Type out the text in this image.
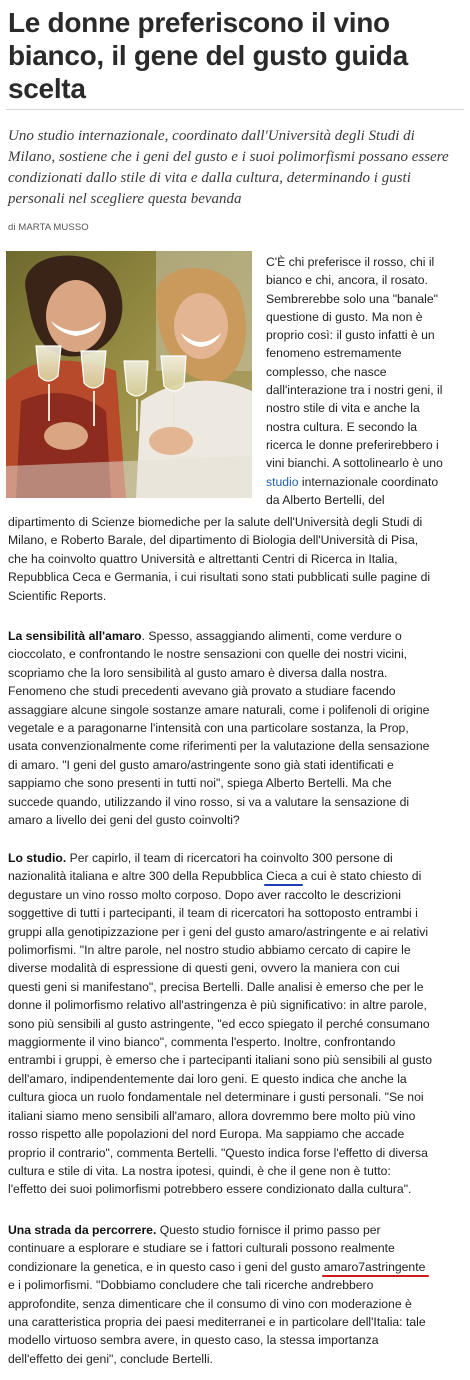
Le donne preferiscono il vino bianco, il gene del gusto guida scelta

Uno studio internazionale, coordinato dall'Università degli Studi di Milano, sostiene che i geni del gusto e i suoi polimorfismi possano essere condizionati dallo stile di vita e dalla cultura, determinando i gusti personali nel scegliere questa bevanda

di MARTA MUSSO

C'È chi preferisce il rosso, chi il
bianco e chi, ancora, il rosato.
Sembrerebbe solo una "banale"
questione di gusto. Ma non è
proprio così: il gusto infatti è un
fenomeno estremamente
complesso, che nasce
dall'interazione tra i nostri geni, il
nostro stile di vita e anche la
nostra cultura. E secondo la
ricerca le donne preferirebbero i
vini bianchi. A sottolinearlo è uno
studio internazionale coordinato
da Alberto Bertelli, del

dipartimento di Scienze biomediche per la salute dell'Università degli Studi di
Milano, e Roberto Barale, del dipartimento di Biologia dell'Università di Pisa,
che ha coinvolto quattro Università e altrettanti Centri di Ricerca in Italia,
Repubblica Ceca e Germania, i cui risultati sono stati pubblicati sulle pagine di
Scientific Reports.

La sensibilità all'amaro. Spesso, assaggiando alimenti, come verdure o
cioccolato, e confrontando le nostre sensazioni con quelle dei nostri vicini,
scopriamo che la loro sensibilità al gusto amaro è diversa dalla nostra.
Fenomeno che studi precedenti avevano già provato a studiare facendo
assaggiare alcune singole sostanze amare naturali, come i polifenoli di origine
vegetale e a paragonarne l'intensità con una particolare sostanza, la Prop,
usata convenzionalmente come riferimenti per la valutazione della sensazione
di amaro. "I geni del gusto amaro/astringente sono già stati identificati e
sappiamo che sono presenti in tutti noi", spiega Alberto Bertelli. Ma che
succede quando, utilizzando il vino rosso, si va a valutare la sensazione di
amaro a livello dei geni del gusto coinvolti?

Lo studio. Per capirlo, il team di ricercatori ha coinvolto 300 persone di
nazionalità italiana e altre 300 della Repubblica Cieca a cui è stato chiesto di
degustare un vino rosso molto corposo. Dopo aver raccolto le descrizioni
soggettive di tutti i partecipanti, il team di ricercatori ha sottoposto entrambi i
gruppi alla genotipizzazione per i geni del gusto amaro/astringente e ai relativi
polimorfismi. "In altre parole, nel nostro studio abbiamo cercato di capire le
diverse modalità di espressione di questi geni, ovvero la maniera con cui
questi geni si manifestano", precisa Bertelli. Dalle analisi è emerso che per le
donne il polimorfismo relativo all'astringenza è più significativo: in altre parole,
sono più sensibili al gusto astringente, "ed ecco spiegato il perché consumano
maggiormente il vino bianco", commenta l'esperto. Inoltre, confrontando
entrambi i gruppi, è emerso che i partecipanti italiani sono più sensibili al gusto
dell'amaro, indipendentemente dai loro geni. E questo indica che anche la
cultura gioca un ruolo fondamentale nel determinare i gusti personali. "Se noi
italiani siamo meno sensibili all'amaro, allora dovremmo bere molto più vino
rosso rispetto alle popolazioni del nord Europa. Ma sappiamo che accade
proprio il contrario", commenta Bertelli. "Questo indica forse l'effetto di diversa
cultura e stile di vita. La nostra ipotesi, quindi, è che il gene non è tutto:
l'effetto dei suoi polimorfismi potrebbero essere condizionato dalla cultura".

Una strada da percorrere. Questo studio fornisce il primo passo per
continuare a esplorare e studiare se i fattori culturali possono realmente
condizionare la genetica, e in questo caso i geni del gusto amaro7astringente
e i polimorfismi. "Dobbiamo concludere che tali ricerche andrebbero
approfondite, senza dimenticare che il consumo di vino con moderazione è
una caratteristica propria dei paesi mediterranei e in particolare dell'Italia: tale
modello virtuoso sembra avere, in questo caso, la stessa importanza
dell'effetto dei geni", conclude Bertelli.
